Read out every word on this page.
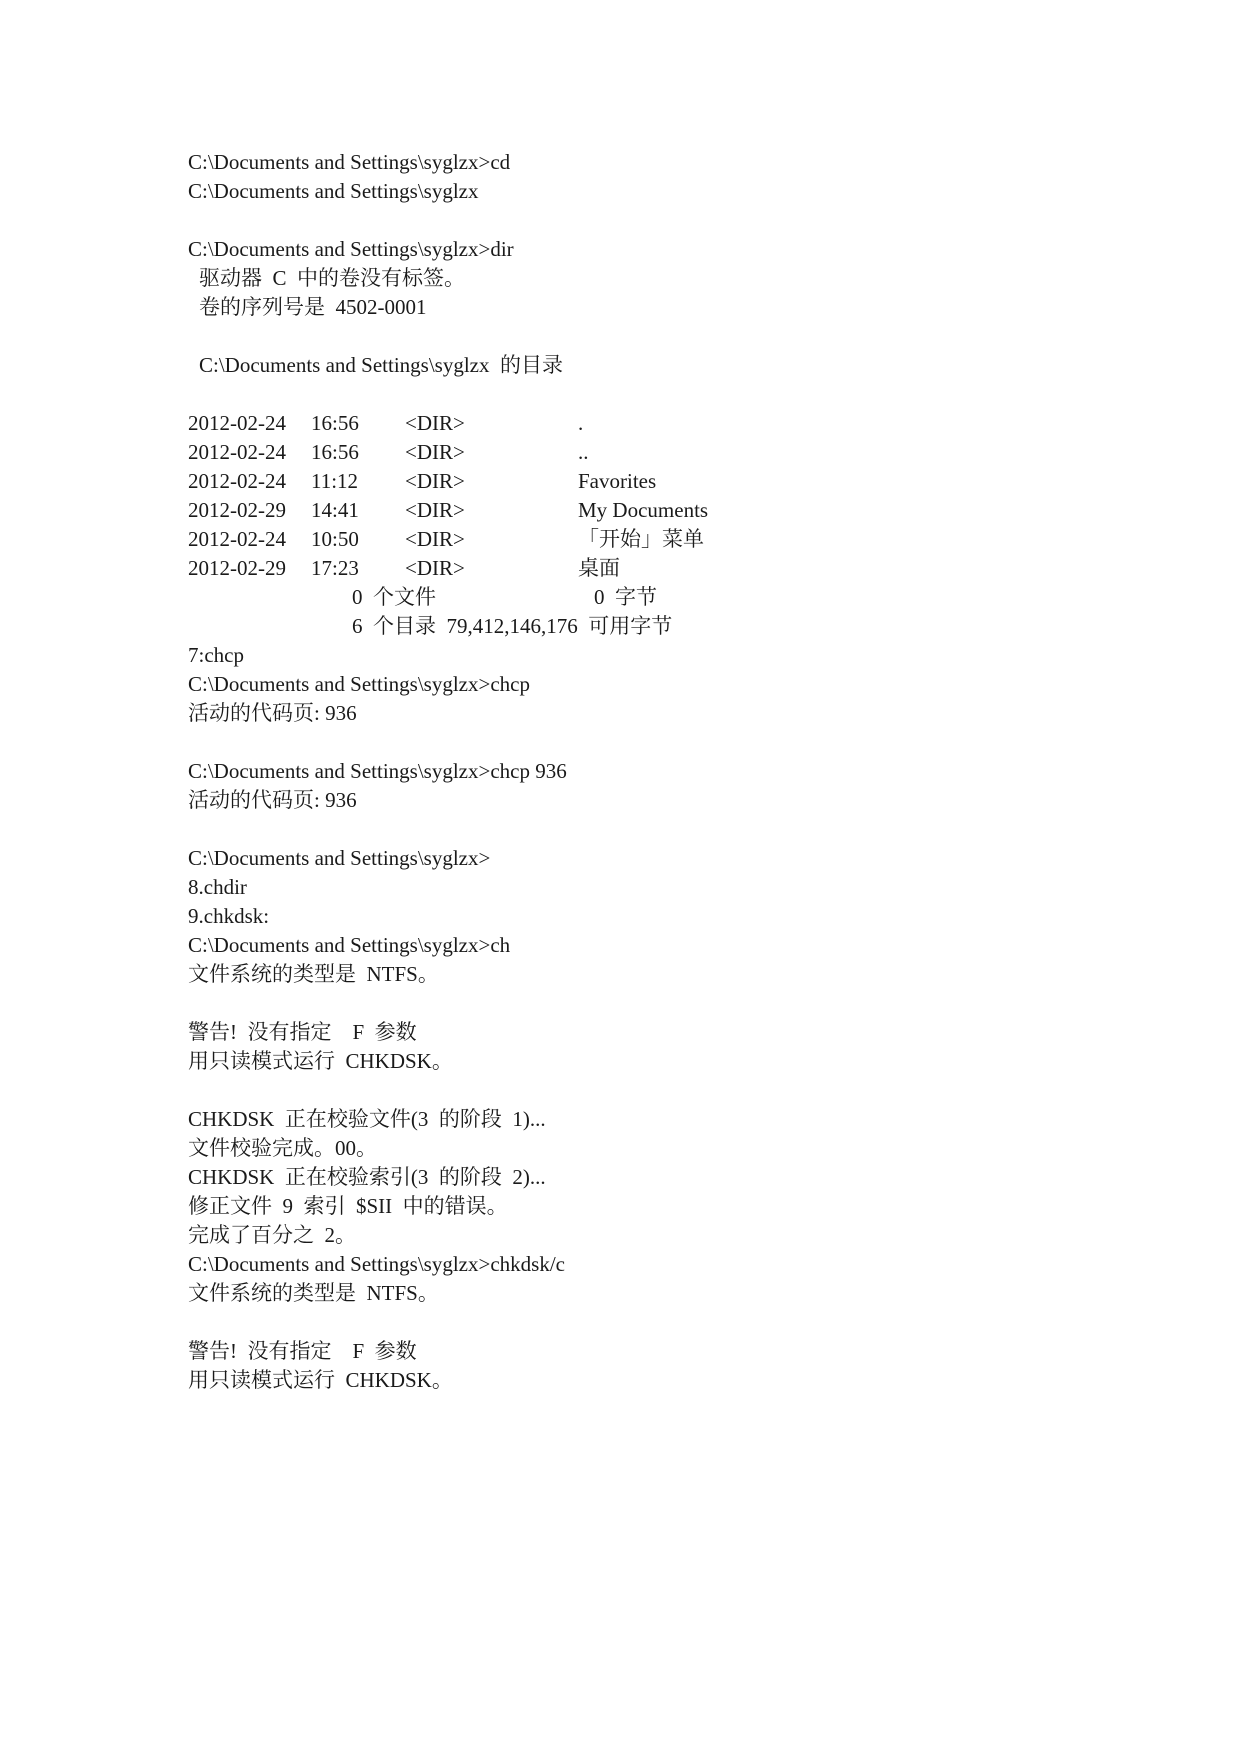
C:\Documents and Settings\syglzx>cd
C:\Documents and Settings\syglzx
C:\Documents and Settings\syglzx>dir
驱动器  C  中的卷没有标签。
卷的序列号是  4502-0001
C:\Documents and Settings\syglzx  的目录
2012-02-24 16:56 <DIR>	.
2012-02-24 16:56 <DIR>	..
2012-02-24 11:12 <DIR>	Favorites
2012-02-29 14:41 <DIR>	My Documents
2012-02-24 10:50 <DIR>	「开始」菜单
2012-02-29 17:23 <DIR>	桌面
0  个文件	0  字节
6  个目录  79,412,146,176  可用字节
7:chcp
C:\Documents and Settings\syglzx>chcp
活动的代码页: 936
C:\Documents and Settings\syglzx>chcp 936
活动的代码页: 936
C:\Documents and Settings\syglzx>
8.chdir
9.chkdsk:
C:\Documents and Settings\syglzx>ch
文件系统的类型是  NTFS。
警告!  没有指定    F  参数
用只读模式运行  CHKDSK。
CHKDSK  正在校验文件(3  的阶段  1)...
文件校验完成。00。
CHKDSK  正在校验索引(3  的阶段  2)...
修正文件  9  索引  $SII  中的错误。
完成了百分之  2。
C:\Documents and Settings\syglzx>chkdsk/c
文件系统的类型是  NTFS。
警告!  没有指定    F  参数
用只读模式运行  CHKDSK。
